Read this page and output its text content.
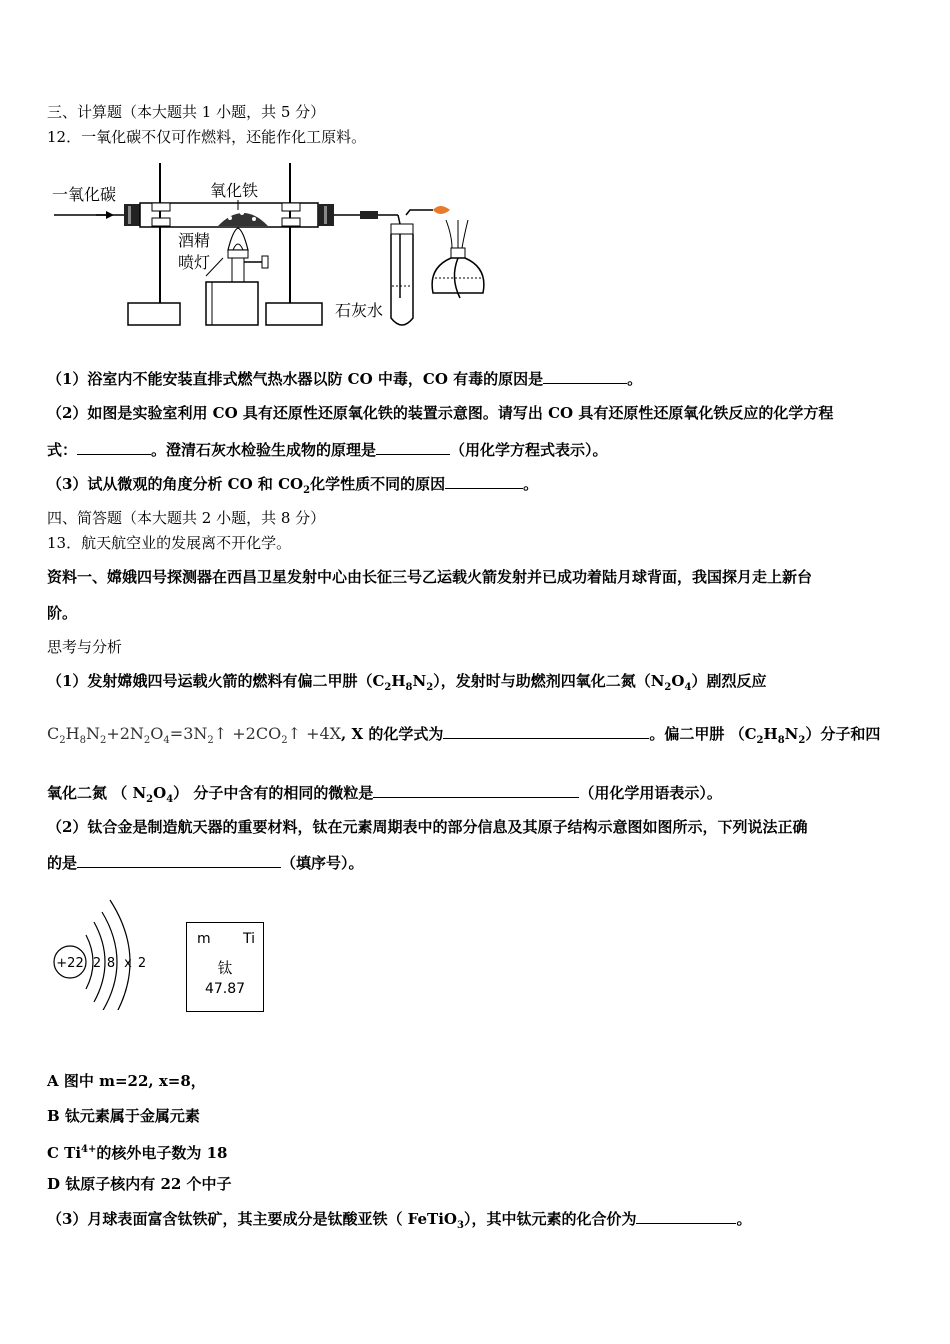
三、计算题（本大题共 1 小题，共 5 分）
12．一氧化碳不仅可作燃料，还能作化工原料。
一氧化碳	氧化铁
酒精
喷灯
石灰水
（1）浴室内不能安装直排式燃气热水器以防 CO 中毒，CO 有毒的原因是	。
（2）如图是实验室利用 CO 具有还原性还原氧化铁的装置示意图。请写出 CO 具有还原性还原氧化铁反应的化学方程
式：	。澄清石灰水检验生成物的原理是	（用化学方程式表示）。
（3）试从微观的角度分析 CO 和 $CO_2$化学性质不同的原因	。
四、简答题（本大题共 2 小题，共 8 分）
13．航天航空业的发展离不开化学。
资料一、嫦娥四号探测器在西昌卫星发射中心由长征三号乙运载火箭发射并已成功着陆月球背面，我国探月走上新台
阶。
思考与分析
（1）发射嫦娥四号运载火箭的燃料有偏二甲肼$(C_2H_8N_2)$，发射时与助燃剂四氧化二氮$(N_2O_4)$剧烈反应
$C_2H_8N_2+2N_2O_4=3N_2↑$ $+2CO_2↑ +4X$, X 的化学式为	。偏二甲肼 $(C_2H_8N_2)$分子和四
氧化二氮 （ $N_2O_4$） 分子中含有的相同的微粒是	（用化学用语表示）。
（2）钛合金是制造航天器的重要材料，钛在元素周期表中的部分信息及其原子结构示意图如图所示，下列说法正确
的是	（填序号）。
+22 2 8 x 2
m Ti
钛
47.87
A 图中 m=22, x=8，
B 钛元素属于金属元素
C $Ti^{4+}$的核外电子数为 18
D 钛原子核内有 22 个中子
（3）月球表面富含钛铁矿，其主要成分是钛酸亚铁（ FeTiO$_3$），其中钛元素的化合价为	。
